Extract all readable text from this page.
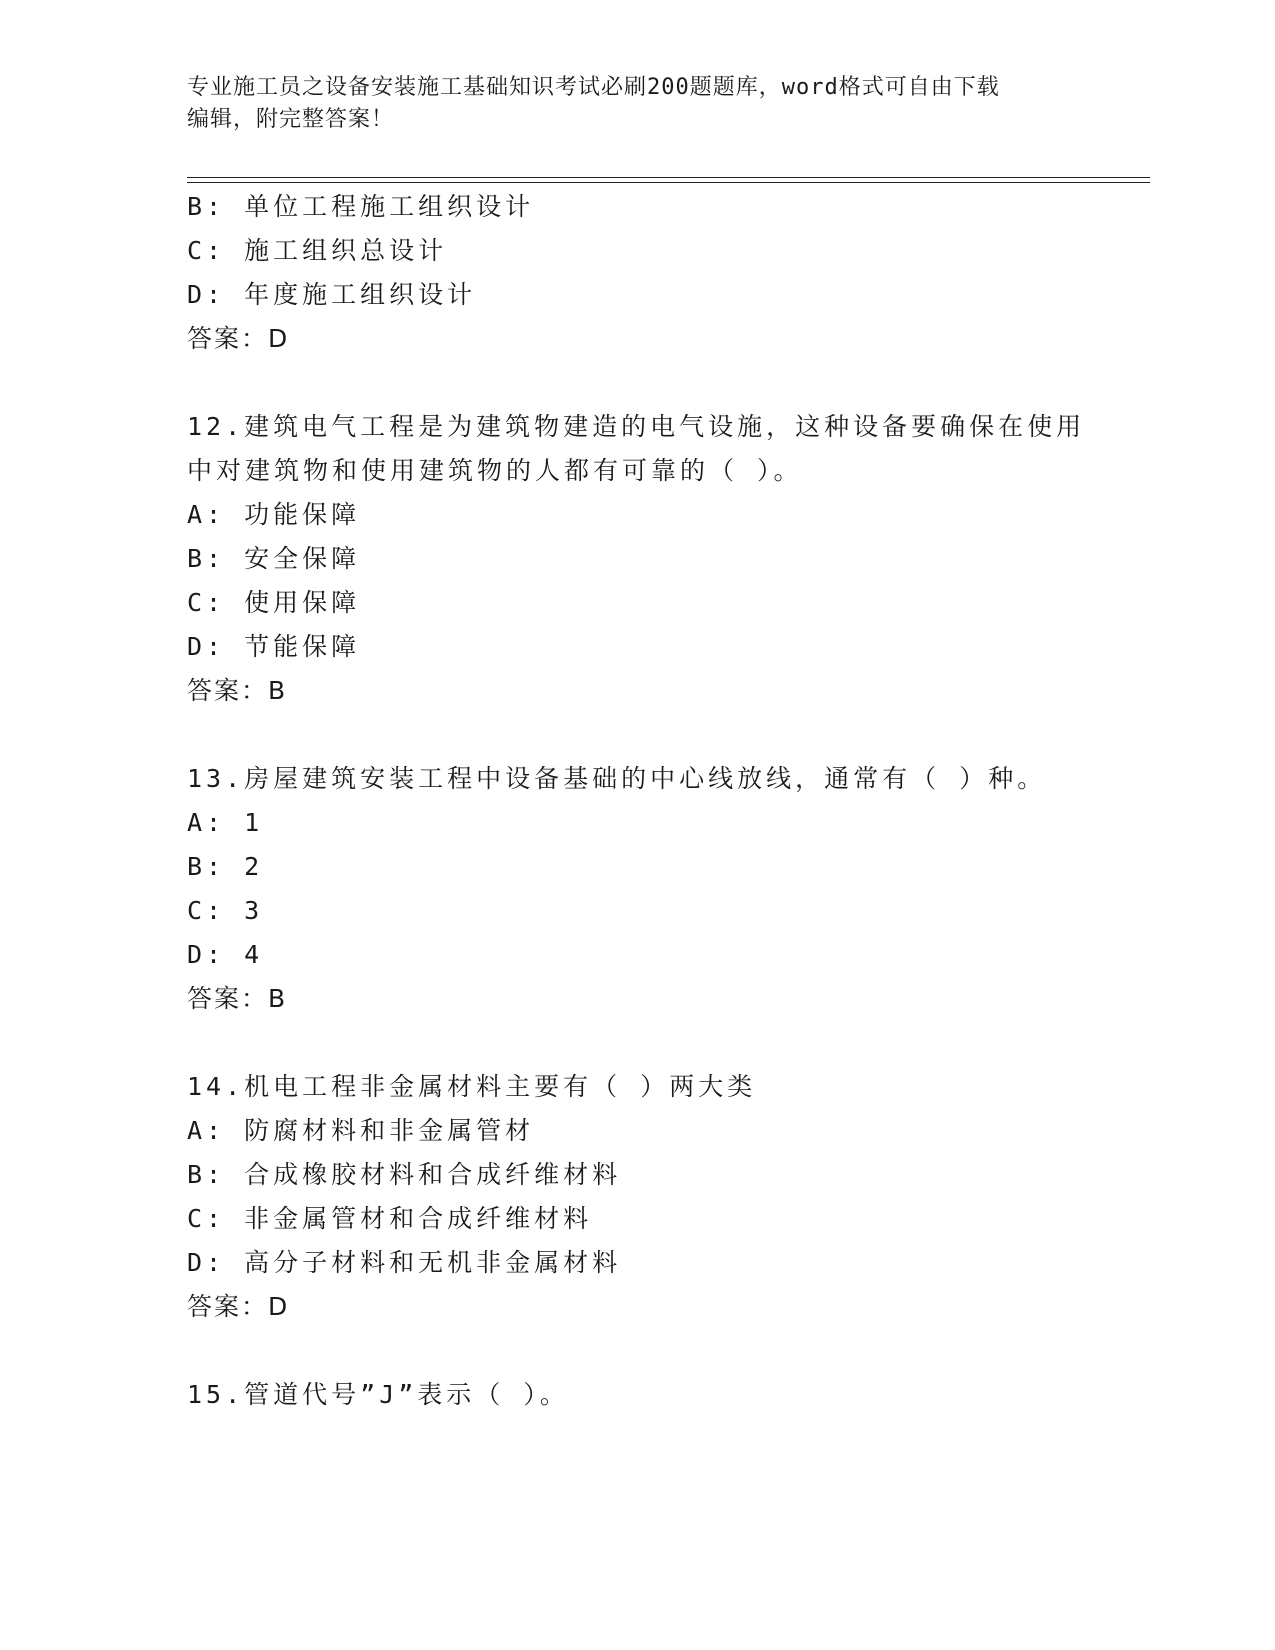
专业施工员之设备安装施工基础知识考试必刷200题题库，word格式可自由下载
编辑，附完整答案！
B: 单位工程施工组织设计
C: 施工组织总设计
D: 年度施工组织设计
答案：D
12.建筑电气工程是为建筑物建造的电气设施，这种设备要确保在使用
中对建筑物和使用建筑物的人都有可靠的（ ）。
A: 功能保障
B: 安全保障
C: 使用保障
D: 节能保障
答案：B
13.房屋建筑安装工程中设备基础的中心线放线，通常有（ ）种。
A: 1
B: 2
C: 3
D: 4
答案：B
14.机电工程非金属材料主要有（ ）两大类
A: 防腐材料和非金属管材
B: 合成橡胶材料和合成纤维材料
C: 非金属管材和合成纤维材料
D: 高分子材料和无机非金属材料
答案：D
15.管道代号”J”表示（ ）。
